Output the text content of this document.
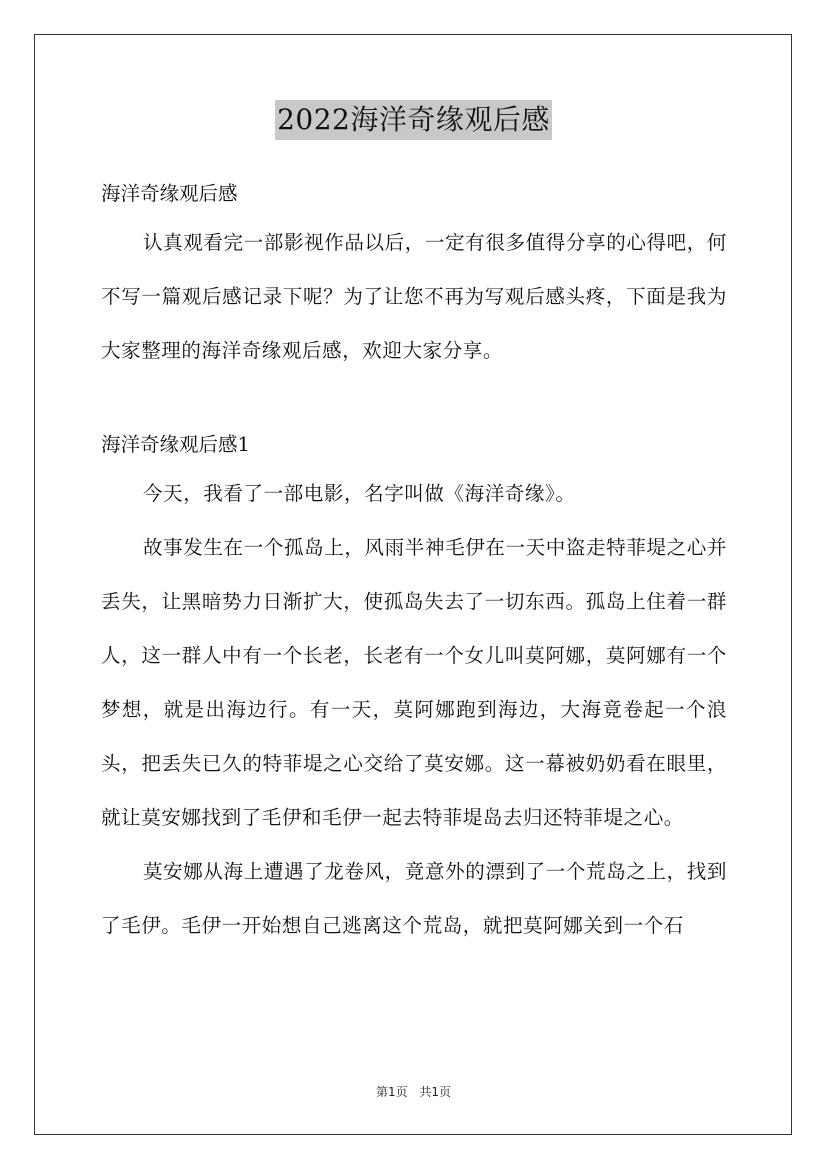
2022海洋奇缘观后感

海洋奇缘观后感

认真观看完一部影视作品以后，一定有很多值得分享的心得吧，何不写一篇观后感记录下呢？为了让您不再为写观后感头疼，下面是我为大家整理的海洋奇缘观后感，欢迎大家分享。

海洋奇缘观后感1

今天，我看了一部电影，名字叫做《海洋奇缘》。

故事发生在一个孤岛上，风雨半神毛伊在一天中盗走特菲堤之心并丢失，让黑暗势力日渐扩大，使孤岛失去了一切东西。孤岛上住着一群人，这一群人中有一个长老，长老有一个女儿叫莫阿娜，莫阿娜有一个梦想，就是出海边行。有一天，莫阿娜跑到海边，大海竟卷起一个浪头，把丢失已久的特菲堤之心交给了莫安娜。这一幕被奶奶看在眼里，就让莫安娜找到了毛伊和毛伊一起去特菲堤岛去归还特菲堤之心。

莫安娜从海上遭遇了龙卷风，竟意外的漂到了一个荒岛之上，找到了毛伊。毛伊一开始想自己逃离这个荒岛，就把莫阿娜关到一个石

第1页 共1页
